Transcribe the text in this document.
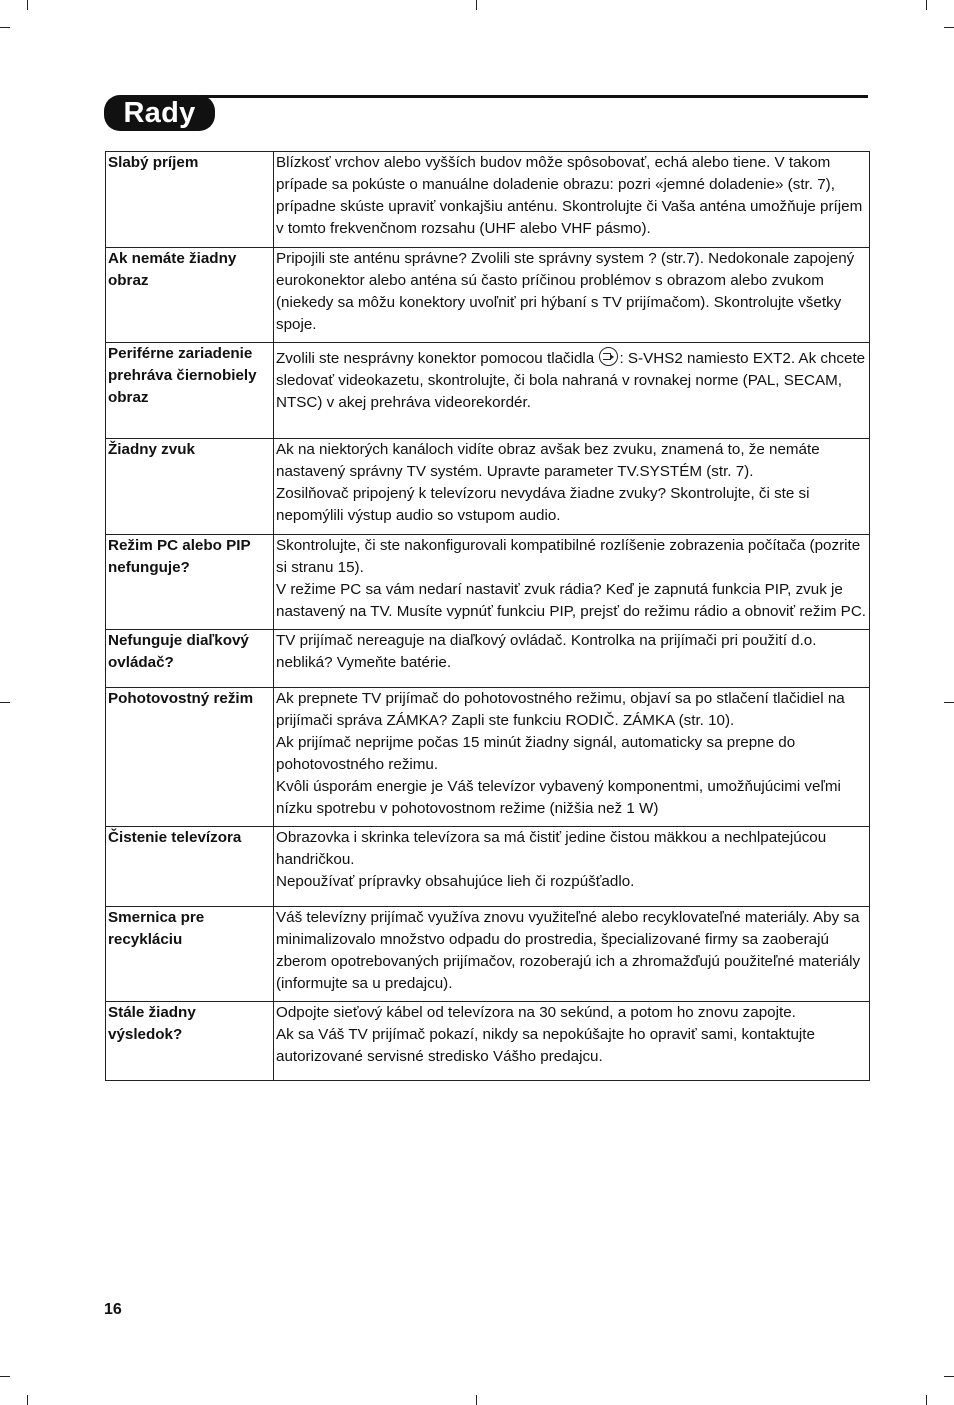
Rady
Slabý príjem	Blízkosť vrchov alebo vyšších budov môže spôsobovať, echá alebo tiene. V takom prípade sa pokúste o manuálne doladenie obrazu: pozri «jemné doladenie» (str. 7), prípadne skúste upraviť vonkajšiu anténu. Skontrolujte či Vaša anténa umožňuje príjem v tomto frekvenčnom rozsahu (UHF alebo VHF pásmo).

Ak nemáte žiadny obraz	Pripojili ste anténu správne? Zvolili ste správny system ? (str.7). Nedokonale zapojený eurokonektor alebo anténa sú často príčinou problémov s obrazom alebo zvukom (niekedy sa môžu konektory uvoľniť pri hýbaní s TV prijímačom). Skontrolujte všetky spoje.

Periférne zariadenie prehráva čiernobiely obraz	Zvolili ste nesprávny konektor pomocou tlačidla : S-VHS2 namiesto EXT2. Ak chcete sledovať videokazetu, skontrolujte, či bola nahraná v rovnakej norme (PAL, SECAM, NTSC) v akej prehráva videorekordér.

Žiadny zvuk	Ak na niektorých kanáloch vidíte obraz avšak bez zvuku, znamená to, že nemáte nastavený správny TV systém. Upravte parameter TV.SYSTÉM (str. 7).
Zosilňovač pripojený k televízoru nevydáva žiadne zvuky? Skontrolujte, či ste si nepomýlili výstup audio so vstupom audio.

Režim PC alebo PIP nefunguje?	Skontrolujte, či ste nakonfigurovali kompatibilné rozlíšenie zobrazenia počítača (pozrite si stranu 15).
V režime PC sa vám nedarí nastaviť zvuk rádia? Keď je zapnutá funkcia PIP, zvuk je nastavený na TV. Musíte vypnúť funkciu PIP, prejsť do režimu rádio a obnoviť režim PC.

Nefunguje diaľkový ovládač?	TV prijímač nereaguje na diaľkový ovládač. Kontrolka na prijímači pri použití d.o. nebliká? Vymeňte batérie.

Pohotovostný režim	Ak prepnete TV prijímač do pohotovostného režimu, objaví sa po stlačení tlačidiel na prijímači správa ZÁMKA? Zapli ste funkciu RODIČ. ZÁMKA (str. 10).
Ak prijímač neprijme počas 15 minút žiadny signál, automaticky sa prepne do pohotovostného režimu.
Kvôli úsporám energie je Váš televízor vybavený komponentmi, umožňujúcimi veľmi nízku spotrebu v pohotovostnom režime (nižšia než 1 W)

Čistenie televízora	Obrazovka i skrinka televízora sa má čistiť jedine čistou mäkkou a nechlpatejúcou handričkou.
Nepoužívať prípravky obsahujúce lieh či rozpúšťadlo.

Smernica pre recykláciu	Váš televízny prijímač využíva znovu využiteľné alebo recyklovateľné materiály. Aby sa minimalizovalo množstvo odpadu do prostredia, špecializované firmy sa zaoberajú zberom opotrebovaných prijímačov, rozoberajú ich a zhromažďujú použiteľné materiály (informujte sa u predajcu).

Stále žiadny výsledok?	Odpojte sieťový kábel od televízora na 30 sekúnd, a potom ho znovu zapojte.
Ak sa Váš TV prijímač pokazí, nikdy sa nepokúšajte ho opraviť sami, kontaktujte autorizované servisné stredisko Vášho predajcu.
16
